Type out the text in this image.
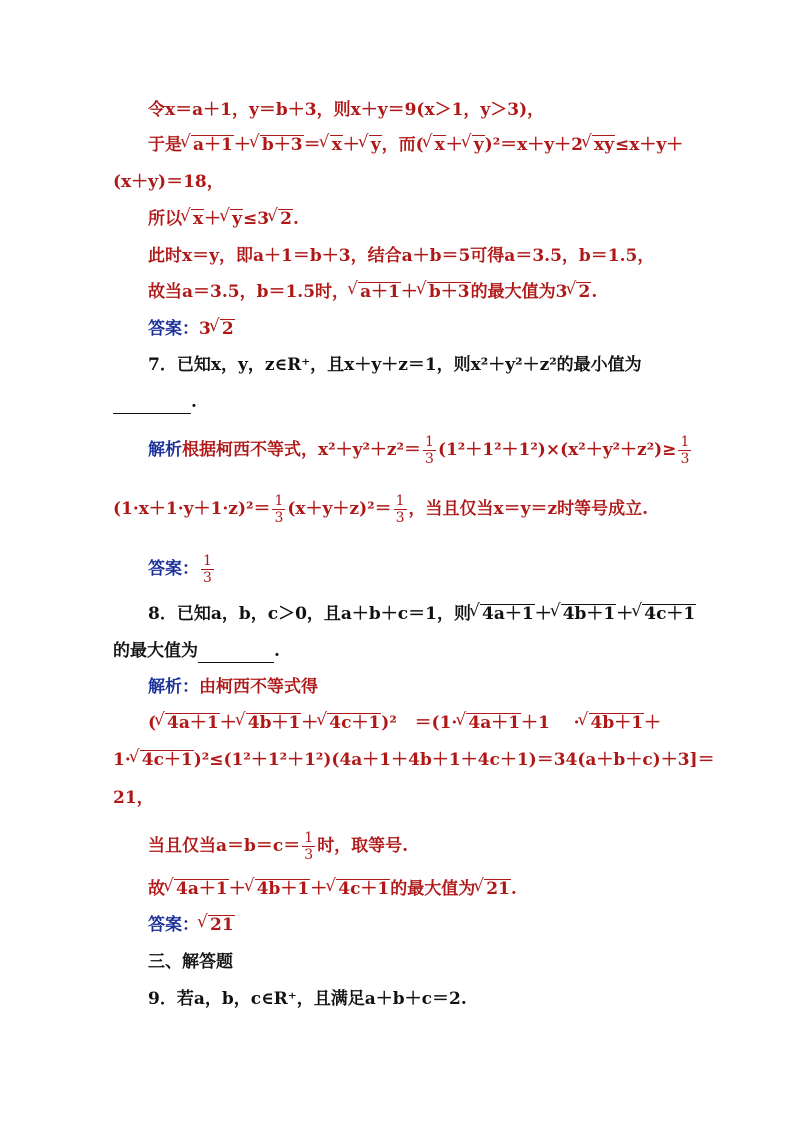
令x＝a＋1，y＝b＋3，则x＋y＝9(x＞1，y＞3)，
于是 √ a＋1＋ √ b＋3＝ √ x＋ √ y，而( √ x＋ √ y)²＝x＋y＋2 √ xy≤x＋y＋
(x＋y)＝18，
所以 √ x＋ √ y≤3 √ 2.
此时x＝y，即a＋1＝b＋3，结合a＋b＝5可得a＝3.5，b＝1.5，
故当a＝3.5，b＝1.5时， √ a＋1＋ √ b＋3的最大值为3 √ 2.
答案：3 √ 2
7．已知x，y，z∈R⁺，且x＋y＋z＝1，则x²＋y²＋z²的最小值为
.
解析根据柯西不等式，$x^2+y^2+z^2= \frac{1}{3} (1^2+1^2+1^2)\times(x^2+y^2+z^2)\ge \frac{1}{3}$
$(1\cdot x+1\cdot y+1\cdot z)^2= \frac{1}{3} (x+y+z)^2= \frac{1}{3}$ ，当且仅当x＝y＝z时等号成立.
答案： $\frac{1}{3}$
8．已知a，b，c＞0，且a＋b＋c＝1，则 √ 4a＋1＋ √ 4b＋1＋ √ 4c＋1
的最大值为	.
解析：由柯西不等式得
( √ 4a＋1＋ √ 4b＋1＋ √ 4c＋1)² ＝(1· √ 4a＋1＋1 · √ 4b＋1＋
1· √ 4c＋1)²≤(1²＋1²＋1²)(4a＋1＋4b＋1＋4c＋1)＝34(a＋b＋c)＋3]＝
21，
当且仅当$a=b=c= \frac{1}{3}$ 时，取等号.
故 √ 4a＋1＋ √ 4b＋1＋ √ 4c＋1的最大值为 √ 21.
答案： √ 21
三、解答题
9．若a，b，c∈R⁺，且满足a＋b＋c＝2.
